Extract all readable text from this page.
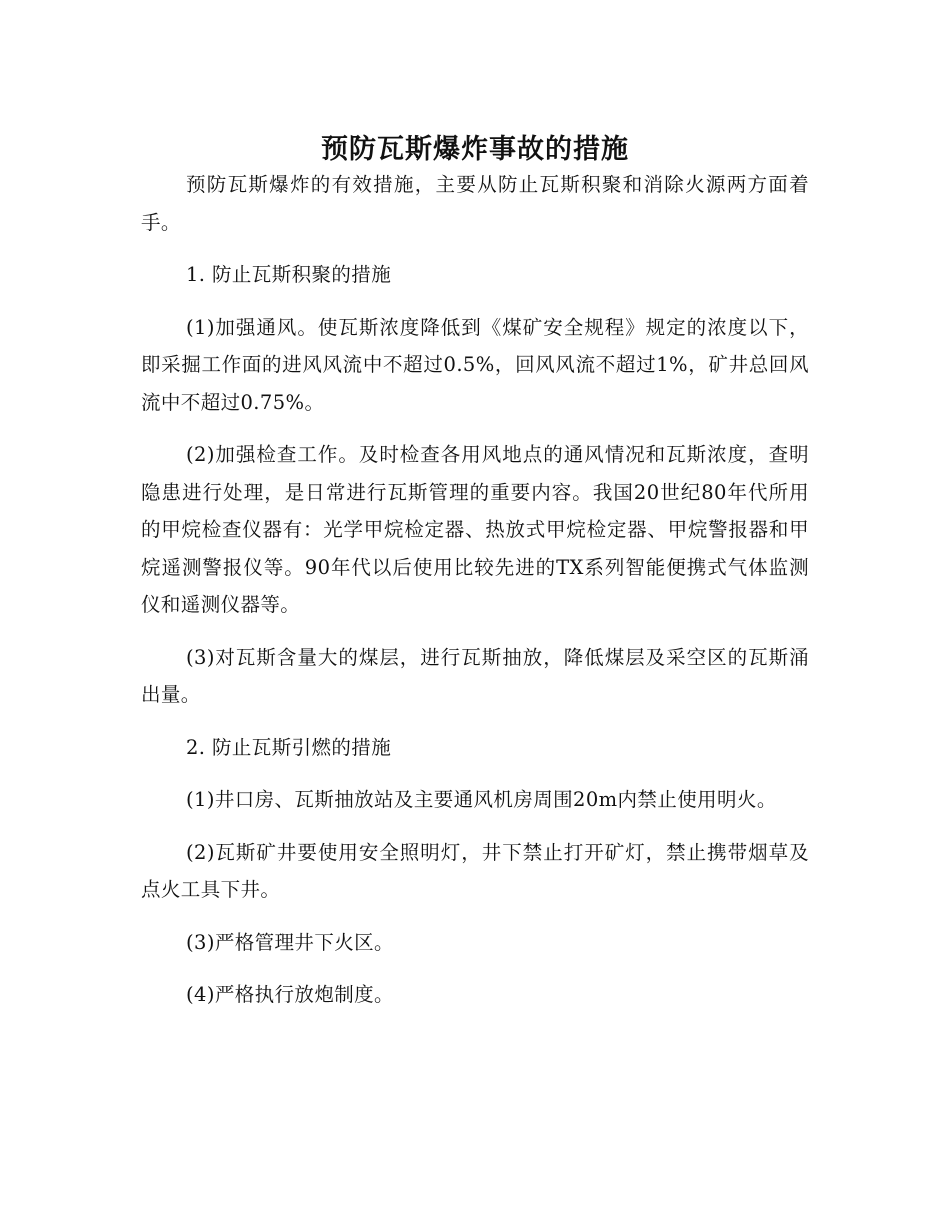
预防瓦斯爆炸事故的措施

预防瓦斯爆炸的有效措施，主要从防止瓦斯积聚和消除火源两方面着手。

1. 防止瓦斯积聚的措施

(1)加强通风。使瓦斯浓度降低到《煤矿安全规程》规定的浓度以下，即采掘工作面的进风风流中不超过0.5%，回风风流不超过1%，矿井总回风流中不超过0.75%。

(2)加强检查工作。及时检查各用风地点的通风情况和瓦斯浓度，查明隐患进行处理，是日常进行瓦斯管理的重要内容。我国20世纪80年代所用的甲烷检查仪器有：光学甲烷检定器、热放式甲烷检定器、甲烷警报器和甲烷遥测警报仪等。90年代以后使用比较先进的TX系列智能便携式气体监测仪和遥测仪器等。

(3)对瓦斯含量大的煤层，进行瓦斯抽放，降低煤层及采空区的瓦斯涌出量。

2. 防止瓦斯引燃的措施

(1)井口房、瓦斯抽放站及主要通风机房周围20m内禁止使用明火。

(2)瓦斯矿井要使用安全照明灯，井下禁止打开矿灯，禁止携带烟草及点火工具下井。

(3)严格管理井下火区。

(4)严格执行放炮制度。
